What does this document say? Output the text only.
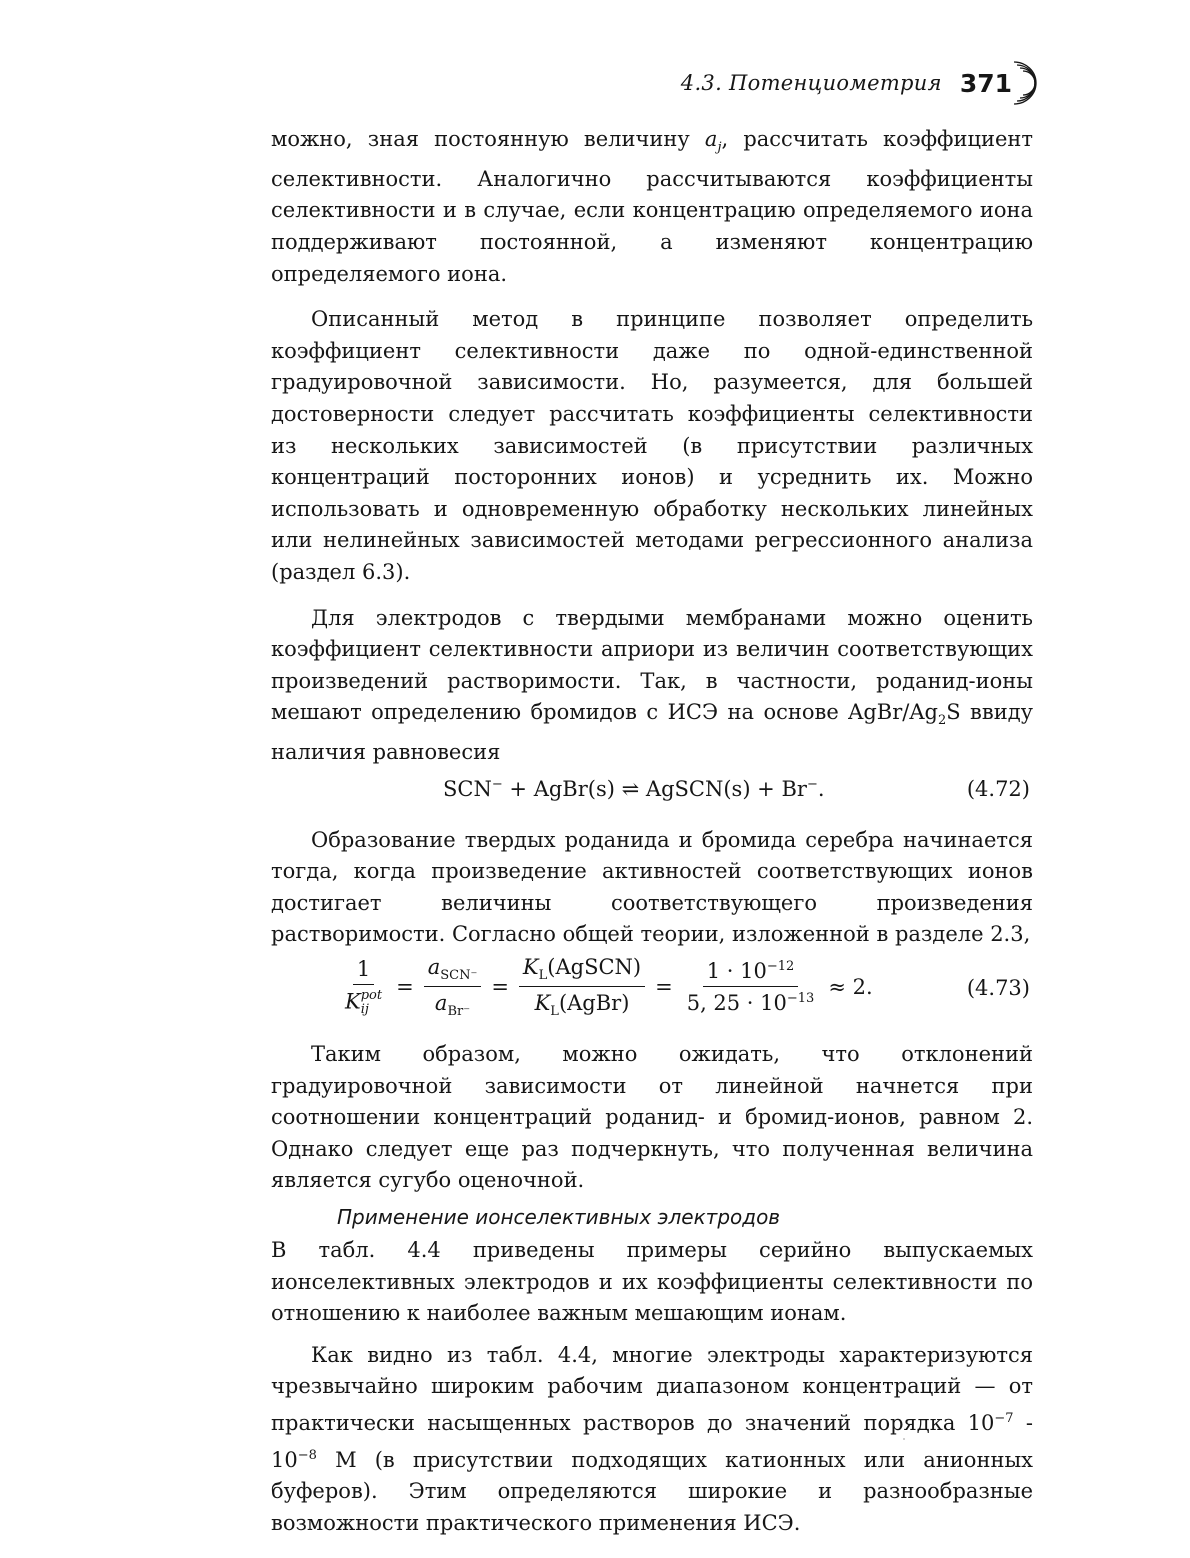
4.3. Потенциометрия 371

можно, зная постоянную величину $a_j$, рассчитать коэффициент селективности. Аналогично рассчитываются коэффициенты селективности и в случае, если концентрацию определяемого иона поддерживают постоянной, а изменяют концентрацию определяемого иона.

Описанный метод в принципе позволяет определить коэффициент селективности даже по одной-единственной градуировочной зависимости. Но, разумеется, для большей достоверности следует рассчитать коэффициенты селективности из нескольких зависимостей (в присутствии различных концентраций посторонних ионов) и усреднить их. Можно использовать и одновременную обработку нескольких линейных или нелинейных зависимостей методами регрессионного анализа (раздел 6.3).

Для электродов с твердыми мембранами можно оценить коэффициент селективности априори из величин соответствующих произведений растворимости. Так, в частности, роданид-ионы мешают определению бромидов с ИСЭ на основе AgBr/$Ag_2S$ ввиду наличия равновесия

SCN− + AgBr(s) ⇌ AgSCN(s) + Br−.	(4.72)

Образование твердых роданида и бромида серебра начинается тогда, когда произведение активностей соответствующих ионов достигает величины соответствующего произведения растворимости. Согласно общей теории, изложенной в разделе 2.3,

1
K pot
ij = $\frac{a_{SCN^-}}{a_{Br^-}} = \frac{K_L(AgSCN)}{K_L(AgBr)} = \frac{1 \cdot 10^{-12}}{5, 25 \cdot 10^{-13}} \approx 2$.	(4.73)

Таким образом, можно ожидать, что отклонений градуировочной зависимости от линейной начнется при соотношении концентраций роданид- и бромид-ионов, равном 2. Однако следует еще раз подчеркнуть, что полученная величина является сугубо оценочной.

Применение ионселективных электродов

В табл. 4.4 приведены примеры серийно выпускаемых ионселективных электродов и их коэффициенты селективности по отношению к наиболее важным мешающим ионам.

Как видно из табл. 4.4, многие электроды характеризуются чрезвычайно широким рабочим диапазоном концентраций — от практически насыщенных растворов до значений порядка $10^{-7} - 10^{-8}$ M (в присутствии подходящих катионных или анионных буферов). Этим определяются широкие и разнообразные возможности практического применения ИСЭ.
